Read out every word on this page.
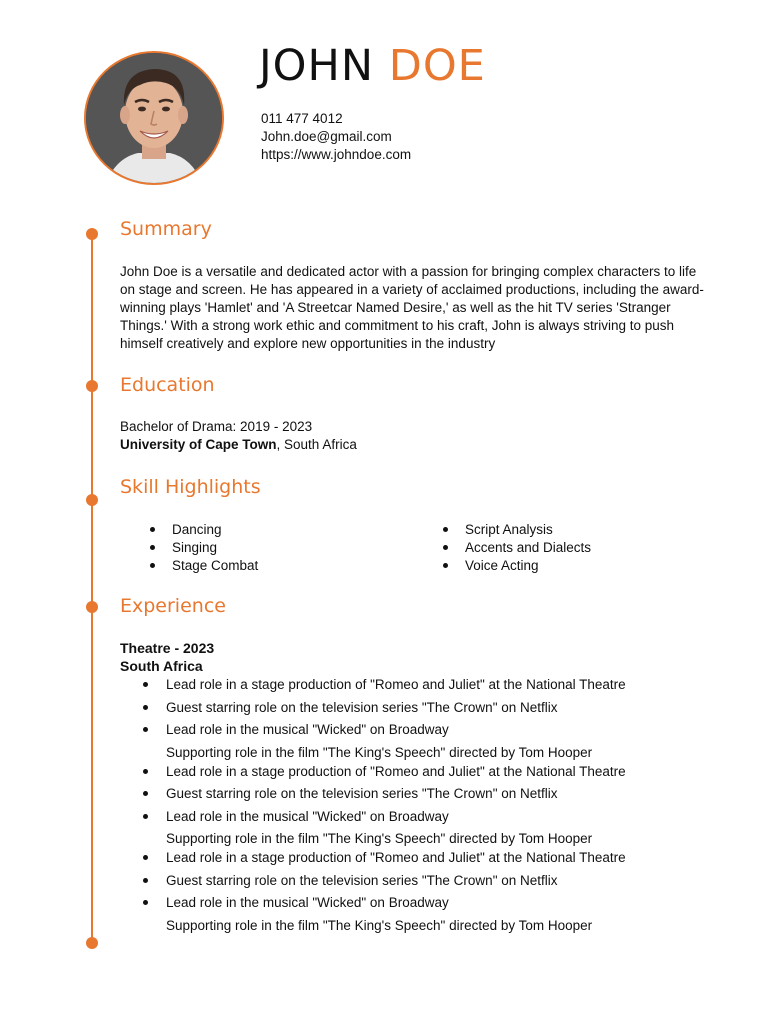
JOHN DOE
011 477 4012
John.doe@gmail.com
https://www.johndoe.com
Summary

John Doe is a versatile and dedicated actor with a passion for bringing complex characters to life on stage and screen. He has appeared in a variety of acclaimed productions, including the award-winning plays 'Hamlet' and 'A Streetcar Named Desire,' as well as the hit TV series 'Stranger Things.' With a strong work ethic and commitment to his craft, John is always striving to push himself creatively and explore new opportunities in the industry

Education
Bachelor of Drama: 2019 - 2023
University of Cape Town, South Africa
Skill Highlights
Dancing
Singing
Stage Combat
Script Analysis
Accents and Dialects
Voice Acting
Experience
Theatre - 2023
South Africa
Lead role in a stage production of "Romeo and Juliet" at the National Theatre
Guest starring role on the television series "The Crown" on Netflix
Lead role in the musical "Wicked" on Broadway
Supporting role in the film "The King's Speech" directed by Tom Hooper
Lead role in a stage production of "Romeo and Juliet" at the National Theatre
Guest starring role on the television series "The Crown" on Netflix
Lead role in the musical "Wicked" on Broadway
Supporting role in the film "The King's Speech" directed by Tom Hooper
Lead role in a stage production of "Romeo and Juliet" at the National Theatre
Guest starring role on the television series "The Crown" on Netflix
Lead role in the musical "Wicked" on Broadway
Supporting role in the film "The King's Speech" directed by Tom Hooper
